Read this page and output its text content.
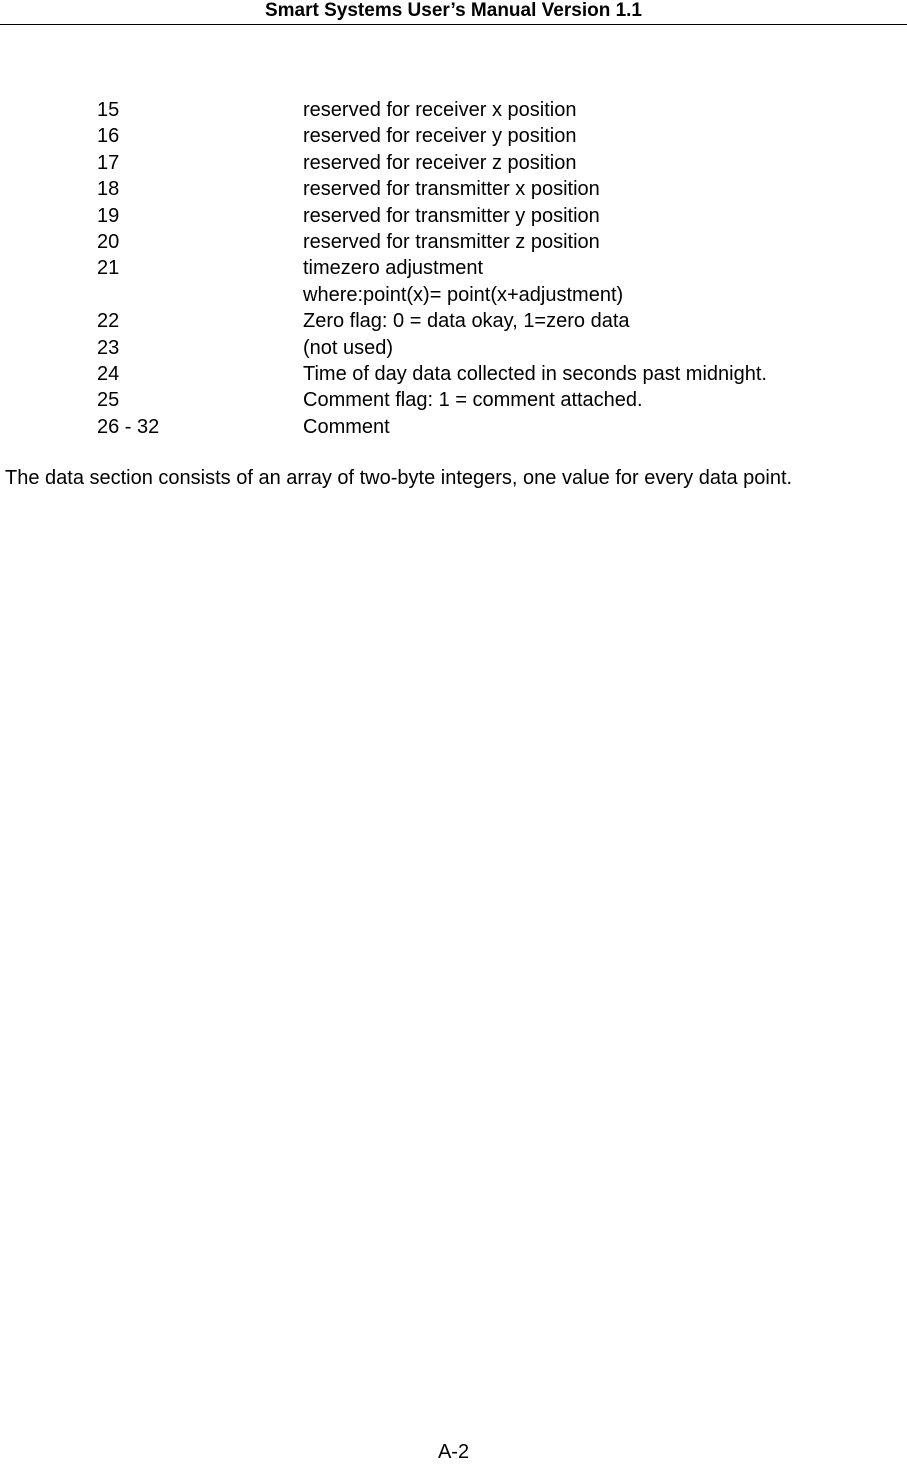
Smart Systems User’s Manual Version 1.1
15	reserved for receiver x position
16	reserved for receiver y position
17	reserved for receiver z position
18	reserved for transmitter x position
19	reserved for transmitter y position
20	reserved for transmitter z position
21	timezero adjustment
where:point(x)= point(x+adjustment)
22	Zero flag: 0 = data okay, 1=zero data
23	(not used)
24	Time of day data collected in seconds past midnight.
25	Comment flag: 1 = comment attached.
26 - 32	Comment

The data section consists of an array of two-byte integers, one value for every data point.

A-2
